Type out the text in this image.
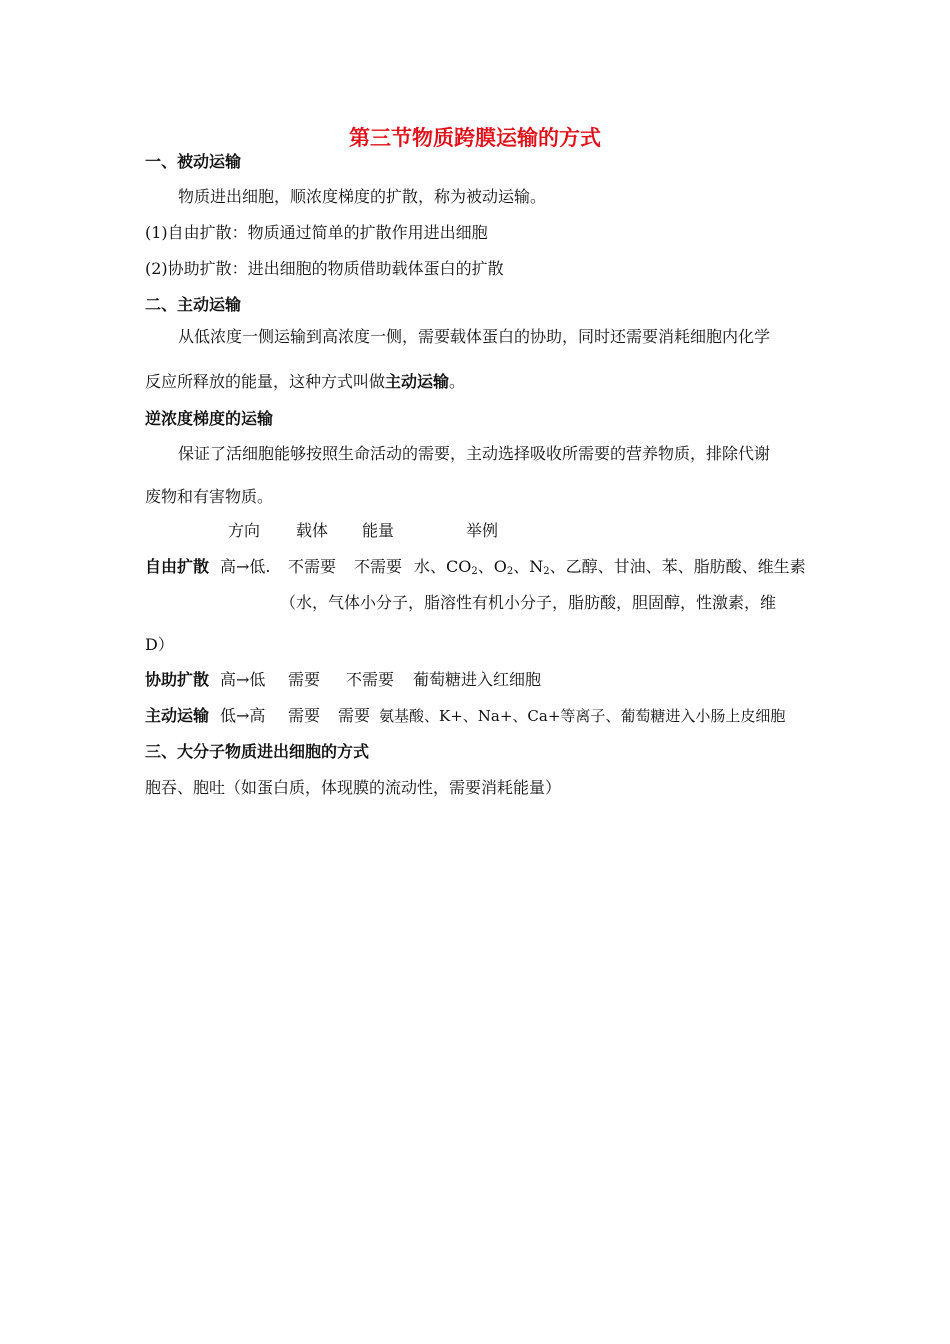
第三节物质跨膜运输的方式
一、被动运输
物质进出细胞，顺浓度梯度的扩散，称为被动运输。
(1)自由扩散：物质通过简单的扩散作用进出细胞
(2)协助扩散：进出细胞的物质借助载体蛋白的扩散
二、主动运输
从低浓度一侧运输到高浓度一侧，需要载体蛋白的协助，同时还需要消耗细胞内化学
反应所释放的能量，这种方式叫做主动运输。
逆浓度梯度的运输
保证了活细胞能够按照生命活动的需要，主动选择吸收所需要的营养物质，排除代谢
废物和有害物质。
方向 载体 能量	举例
自由扩散 高→低. 不需要 不需要 水、$CO_2$、$O_2$、$N_2$、乙醇、甘油、苯、脂肪酸、维生素
（水，气体小分子，脂溶性有机小分子，脂肪酸，胆固醇，性激素，维
D）
协助扩散 高→低 需要 不需要 葡萄糖进入红细胞
主动运输 低→高 需要 需要 氨基酸、K+、Na+、Ca+等离子、葡萄糖进入小肠上皮细胞
三、大分子物质进出细胞的方式
胞吞、胞吐（如蛋白质，体现膜的流动性，需要消耗能量）
